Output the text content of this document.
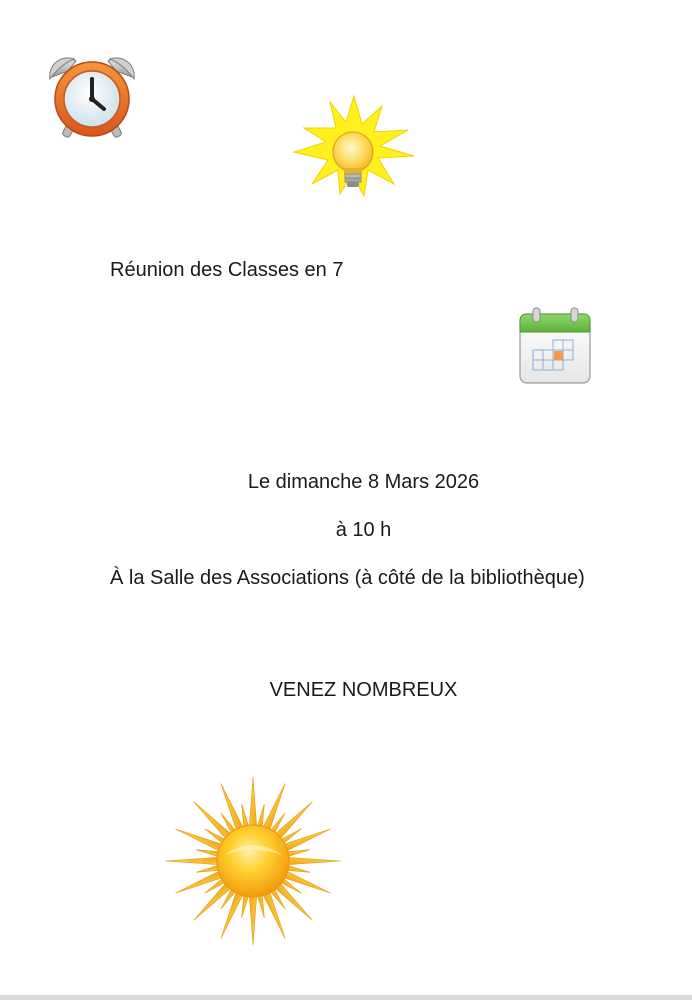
Réunion des Classes en 7
Le dimanche 8 Mars 2026
à 10 h
À la Salle des Associations (à côté de la bibliothèque)
VENEZ NOMBREUX
